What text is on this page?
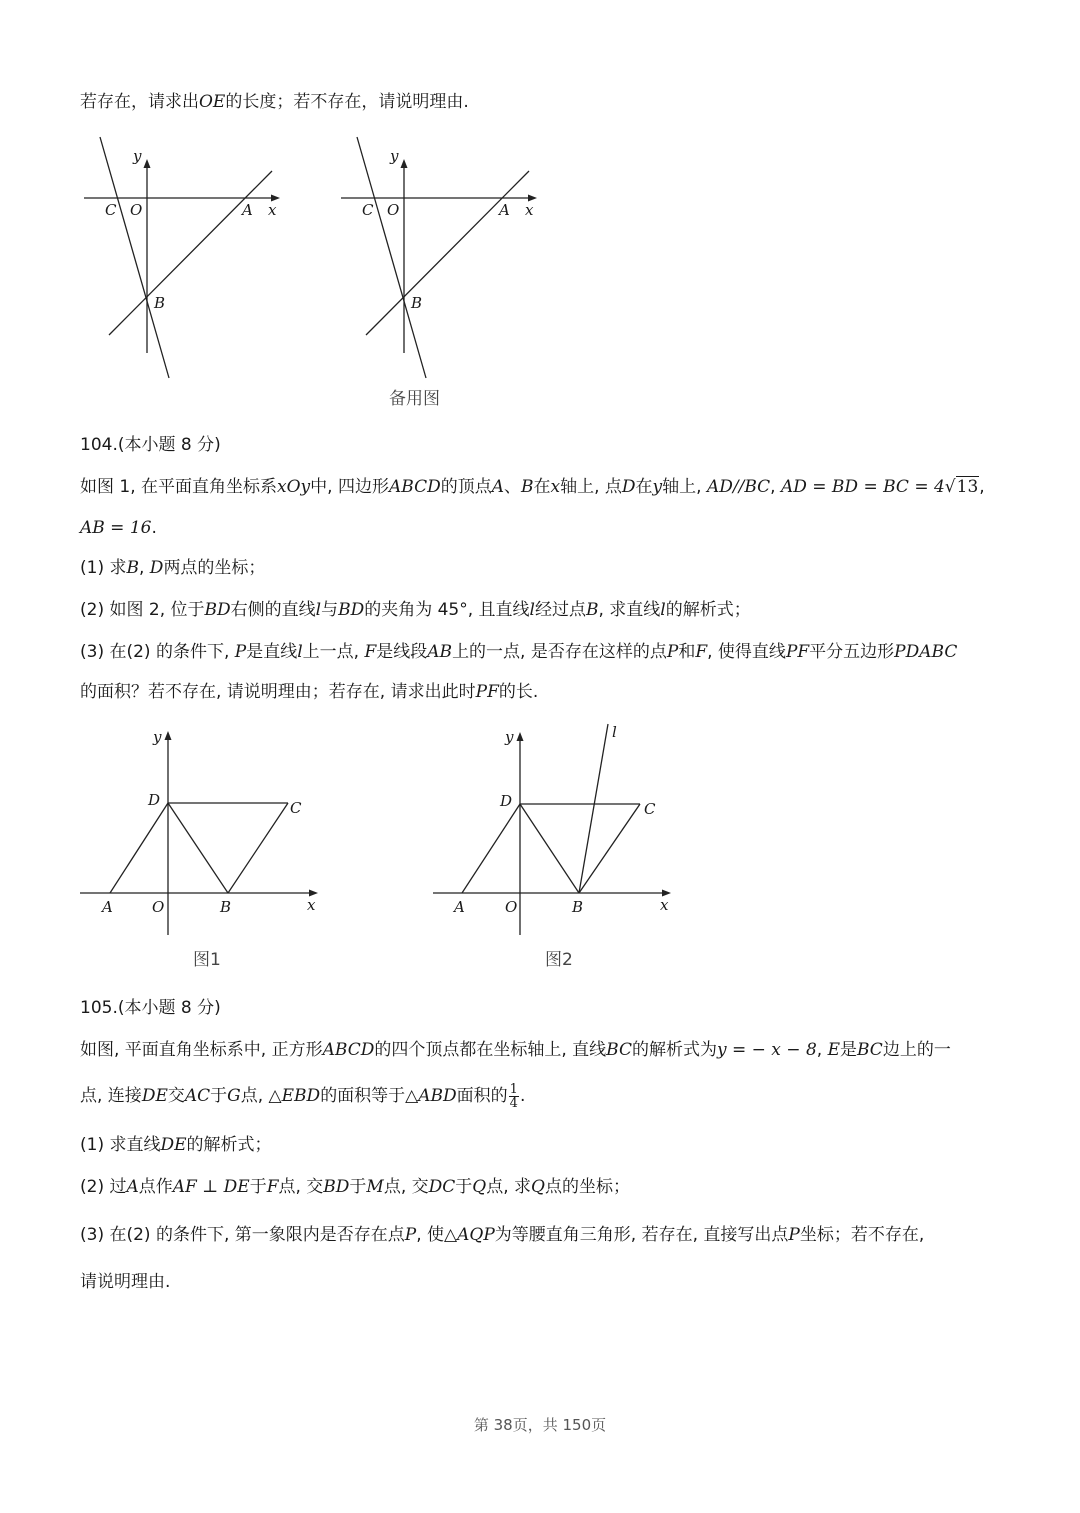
若存在，请求出OE的长度；若不存在，请说明理由.

y
C O	A x
B
y
C O	A x
B
备用图

104.(本小题 8 分)

如图 1, 在平面直角坐标系xOy中, 四边形ABCD的顶点A、B在x轴上, 点D在y轴上, AD//BC, AD = BD = BC = 4√13,

AB = 16.

(1) 求B, D两点的坐标；

(2) 如图 2, 位于BD右侧的直线l与BD的夹角为 45°, 且直线l经过点B, 求直线l的解析式；

(3) 在(2) 的条件下, P是直线l上一点, F是线段AB上的一点, 是否存在这样的点P和F, 使得直线PF平分五边形PDABC

的面积？若不存在, 请说明理由；若存在, 请求出此时PF的长.

y
D	C
A	O	B	x
图1
l
y
D	C
A	O	B	x
图2

105.(本小题 8 分)

如图, 平面直角坐标系中, 正方形ABCD的四个顶点都在坐标轴上, 直线BC的解析式为y = − x − 8, E是BC边上的一

点, 连接DE交AC于G点, △EBD的面积等于△ABD面积的 $\frac{1}{4}$ .

(1) 求直线DE的解析式；

(2) 过A点作AF ⊥ DE于F点, 交BD于M点, 交DC于Q点, 求Q点的坐标；

(3) 在(2) 的条件下, 第一象限内是否存在点P, 使△AQP为等腰直角三角形, 若存在, 直接写出点P坐标；若不存在,

请说明理由.

第 38页，共 150页
